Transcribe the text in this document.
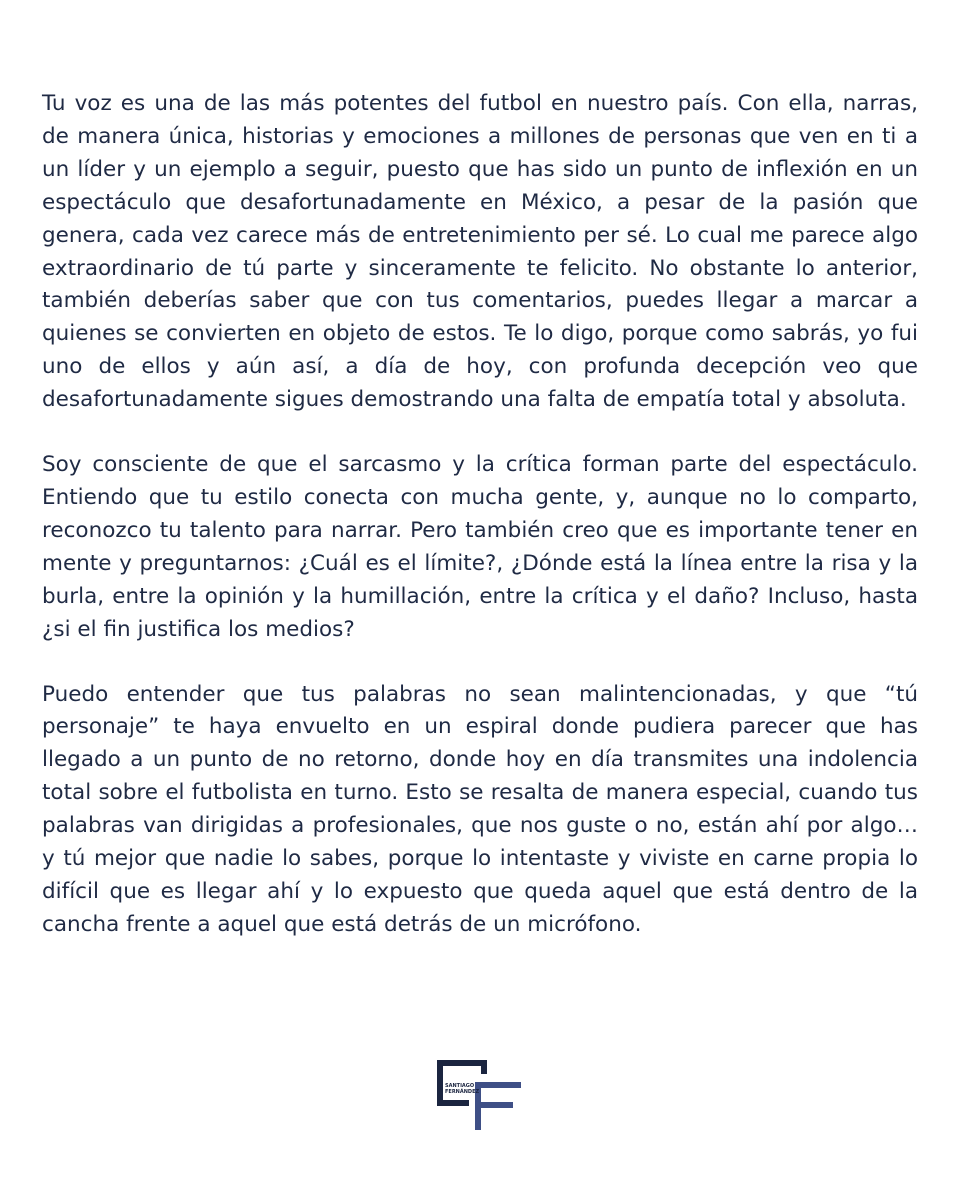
Tu voz es una de las más potentes del futbol en nuestro país. Con ella, narras, de manera única, historias y emociones a millones de personas que ven en ti a un líder y un ejemplo a seguir, puesto que has sido un punto de inflexión en un espectáculo que desafortunadamente en México, a pesar de la pasión que genera, cada vez carece más de entretenimiento per sé. Lo cual me parece algo extraordinario de tú parte y sinceramente te felicito. No obstante lo anterior, también deberías saber que con tus comentarios, puedes llegar a marcar a quienes se convierten en objeto de estos. Te lo digo, porque como sabrás, yo fui uno de ellos y aún así, a día de hoy, con profunda decepción veo que desafortunadamente sigues demostrando una falta de empatía total y absoluta.

Soy consciente de que el sarcasmo y la crítica forman parte del espectáculo. Entiendo que tu estilo conecta con mucha gente, y, aunque no lo comparto, reconozco tu talento para narrar. Pero también creo que es importante tener en mente y preguntarnos: ¿Cuál es el límite?, ¿Dónde está la línea entre la risa y la burla, entre la opinión y la humillación, entre la crítica y el daño? Incluso, hasta ¿si el fin justifica los medios?

Puedo entender que tus palabras no sean malintencionadas, y que “tú personaje” te haya envuelto en un espiral donde pudiera parecer que has llegado a un punto de no retorno, donde hoy en día transmites una indolencia total sobre el futbolista en turno. Esto se resalta de manera especial, cuando tus palabras van dirigidas a profesionales, que nos guste o no, están ahí por algo… y tú mejor que nadie lo sabes, porque lo intentaste y viviste en carne propia lo difícil que es llegar ahí y lo expuesto que queda aquel que está dentro de la cancha frente a aquel que está detrás de un micrófono.

SANTIAGO
FERNÁNDEZ
